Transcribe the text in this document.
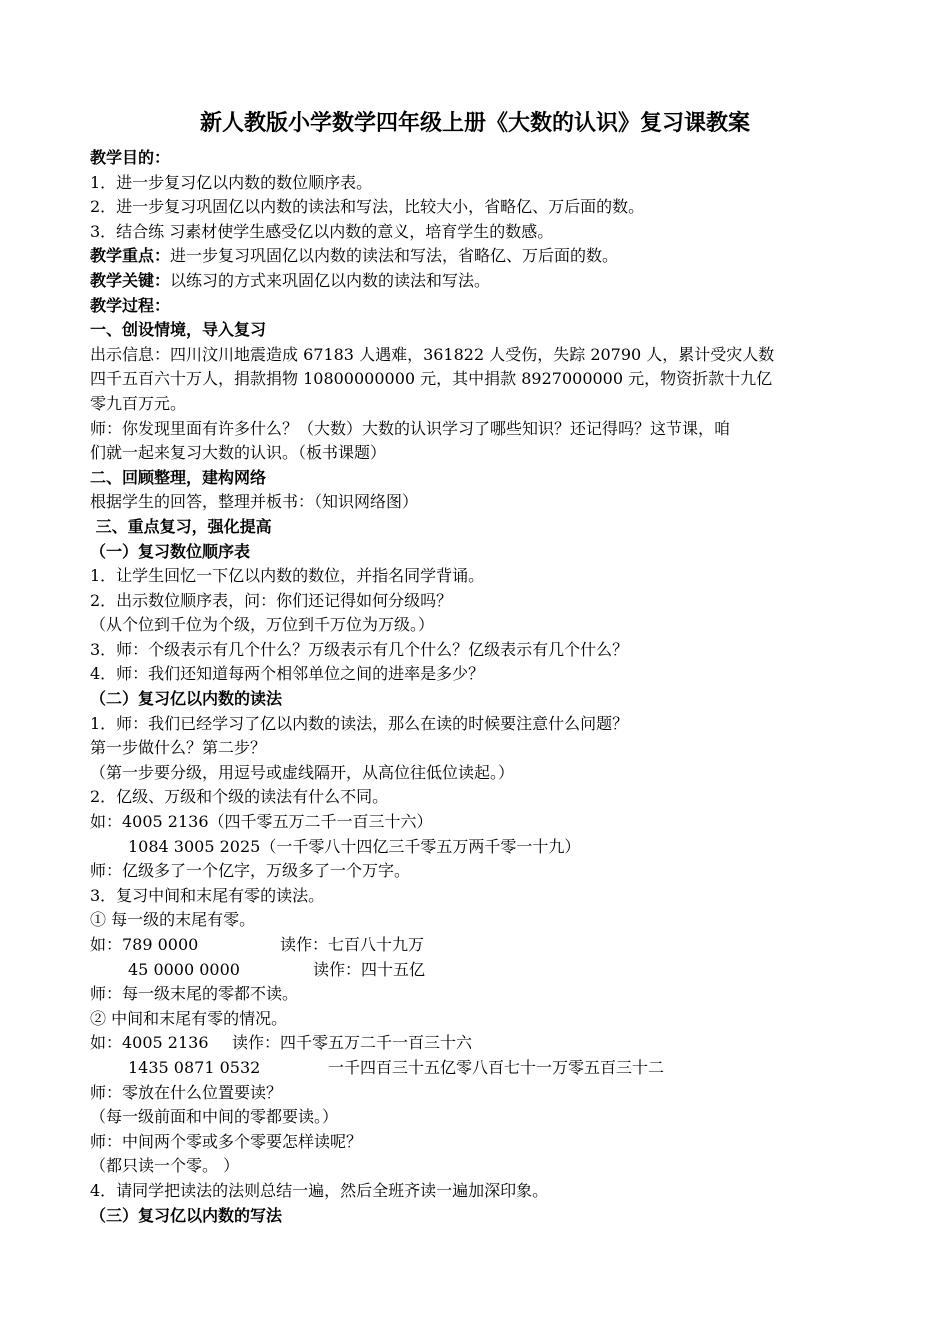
新人教版小学数学四年级上册《大数的认识》复习课教案
教学目的：
1．进一步复习亿以内数的数位顺序表。
2．进一步复习巩固亿以内数的读法和写法，比较大小，省略亿、万后面的数。
3．结合练 习素材使学生感受亿以内数的意义，培育学生的数感。
教学重点：进一步复习巩固亿以内数的读法和写法，省略亿、万后面的数。
教学关键：以练习的方式来巩固亿以内数的读法和写法。
教学过程：
一、创设情境，导入复习
出示信息：四川汶川地震造成 67183 人遇难，361822 人受伤，失踪 20790 人，累计受灾人数
四千五百六十万人，捐款捐物 10800000000 元，其中捐款 8927000000 元，物资折款十九亿
零九百万元。
师：你发现里面有许多什么？（大数）大数的认识学习了哪些知识？还记得吗？这节课，咱
们就一起来复习大数的认识。（板书课题）
二、回顾整理，建构网络
根据学生的回答，整理并板书：（知识网络图）
三、重点复习，强化提高
（一）复习数位顺序表
1．让学生回忆一下亿以内数的数位，并指名同学背诵。
2．出示数位顺序表，问：你们还记得如何分级吗？
（从个位到千位为个级，万位到千万位为万级。）
3．师：个级表示有几个什么？万级表示有几个什么？亿级表示有几个什么？
4．师：我们还知道每两个相邻单位之间的进率是多少？
（二）复习亿以内数的读法
1．师：我们已经学习了亿以内数的读法，那么在读的时候要注意什么问题？
第一步做什么？第二步？
（第一步要分级，用逗号或虚线隔开，从高位往低位读起。）
2．亿级、万级和个级的读法有什么不同。
如：4005 2136（四千零五万二千一百三十六）
1084 3005 2025（一千零八十四亿三千零五万两千零一十九）
师：亿级多了一个亿字，万级多了一个万字。
3．复习中间和末尾有零的读法。
① 每一级的末尾有零。
如：789 0000	读作：七百八十九万
45 0000 0000	读作：四十五亿
师：每一级末尾的零都不读。
② 中间和末尾有零的情况。
如：4005 2136 读作：四千零五万二千一百三十六
1435 0871 0532	一千四百三十五亿零八百七十一万零五百三十二
师：零放在什么位置要读？
（每一级前面和中间的零都要读。）
师：中间两个零或多个零要怎样读呢？
（都只读一个零。 ）
4．请同学把读法的法则总结一遍，然后全班齐读一遍加深印象。
（三）复习亿以内数的写法
